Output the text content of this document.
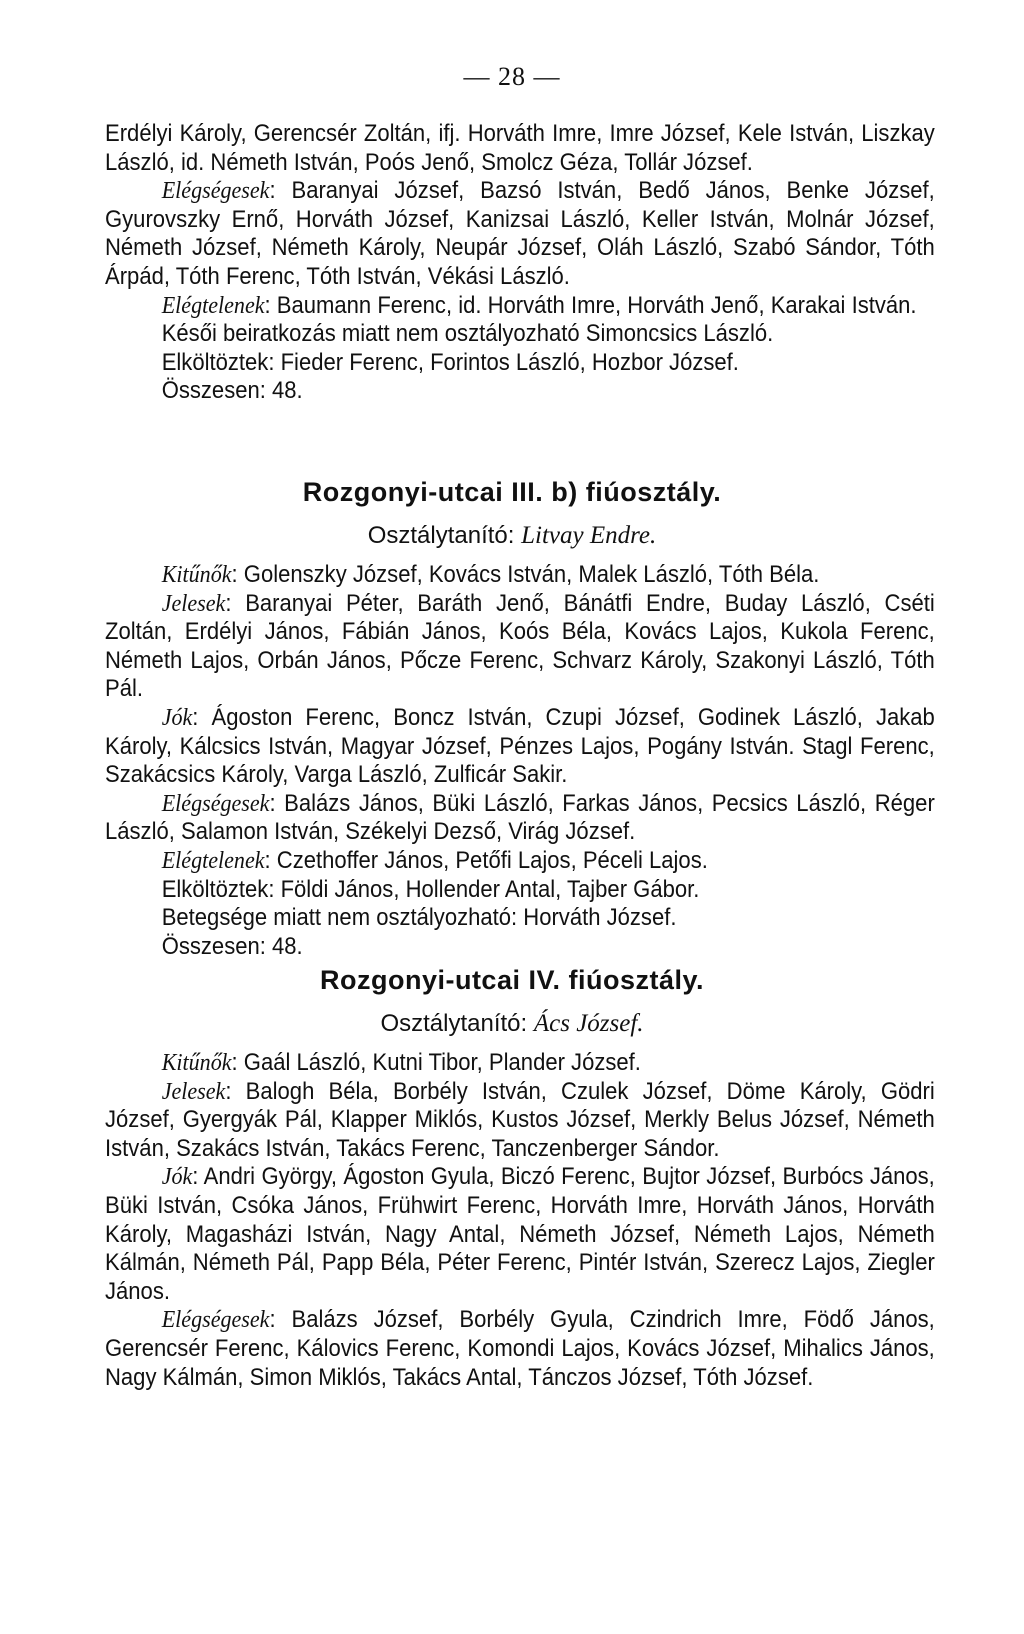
— 28 —

Erdélyi Károly, Gerencsér Zoltán, ifj. Horváth Imre, Imre József, Kele István, Liszkay László, id. Németh István, Poós Jenő, Smolcz Géza, Tollár József.

Elégségesek: Baranyai József, Bazsó István, Bedő János, Benke József, Gyurovszky Ernő, Horváth József, Kanizsai László, Keller István, Molnár József, Németh József, Németh Károly, Neupár József, Oláh László, Szabó Sándor, Tóth Árpád, Tóth Ferenc, Tóth István, Vékási László.

Elégtelenek: Baumann Ferenc, id. Horváth Imre, Horváth Jenő, Karakai István.

Késői beiratkozás miatt nem osztályozható Simoncsics László.

Elköltöztek: Fieder Ferenc, Forintos László, Hozbor József.

Összesen: 48.

Rozgonyi-utcai III. b) fiúosztály.
Osztálytanító: Litvay Endre.

Kitűnők: Golenszky József, Kovács István, Malek László, Tóth Béla.

Jelesek: Baranyai Péter, Baráth Jenő, Bánátfi Endre, Buday László, Cséti Zoltán, Erdélyi János, Fábián János, Koós Béla, Kovács Lajos, Kukola Ferenc, Németh Lajos, Orbán János, Pőcze Ferenc, Schvarz Károly, Szakonyi László, Tóth Pál.

Jók: Ágoston Ferenc, Boncz István, Czupi József, Godinek László, Jakab Károly, Kálcsics István, Magyar József, Pénzes Lajos, Pogány István. Stagl Ferenc, Szakácsics Károly, Varga László, Zulficár Sakir.

Elégségesek: Balázs János, Büki László, Farkas János, Pecsics László, Réger László, Salamon István, Székelyi Dezső, Virág József.

Elégtelenek: Czethoffer János, Petőfi Lajos, Péceli Lajos.

Elköltöztek: Földi János, Hollender Antal, Tajber Gábor.

Betegsége miatt nem osztályozható: Horváth József.

Összesen: 48.

Rozgonyi-utcai IV. fiúosztály.
Osztálytanító: Ács József.

Kitűnők: Gaál László, Kutni Tibor, Plander József.

Jelesek: Balogh Béla, Borbély István, Czulek József, Döme Károly, Gödri József, Gyergyák Pál, Klapper Miklós, Kustos József, Merkly Belus József, Németh István, Szakács István, Takács Ferenc, Tanczenberger Sándor.

Jók: Andri György, Ágoston Gyula, Biczó Ferenc, Bujtor József, Burbócs János, Büki István, Csóka János, Frühwirt Ferenc, Horváth Imre, Horváth János, Horváth Károly, Magasházi István, Nagy Antal, Németh József, Németh Lajos, Németh Kálmán, Németh Pál, Papp Béla, Péter Ferenc, Pintér István, Szerecz Lajos, Ziegler János.

Elégségesek: Balázs József, Borbély Gyula, Czindrich Imre, Födő János, Gerencsér Ferenc, Kálovics Ferenc, Komondi Lajos, Kovács József, Mihalics János, Nagy Kálmán, Simon Miklós, Takács Antal, Tánczos József, Tóth József.
